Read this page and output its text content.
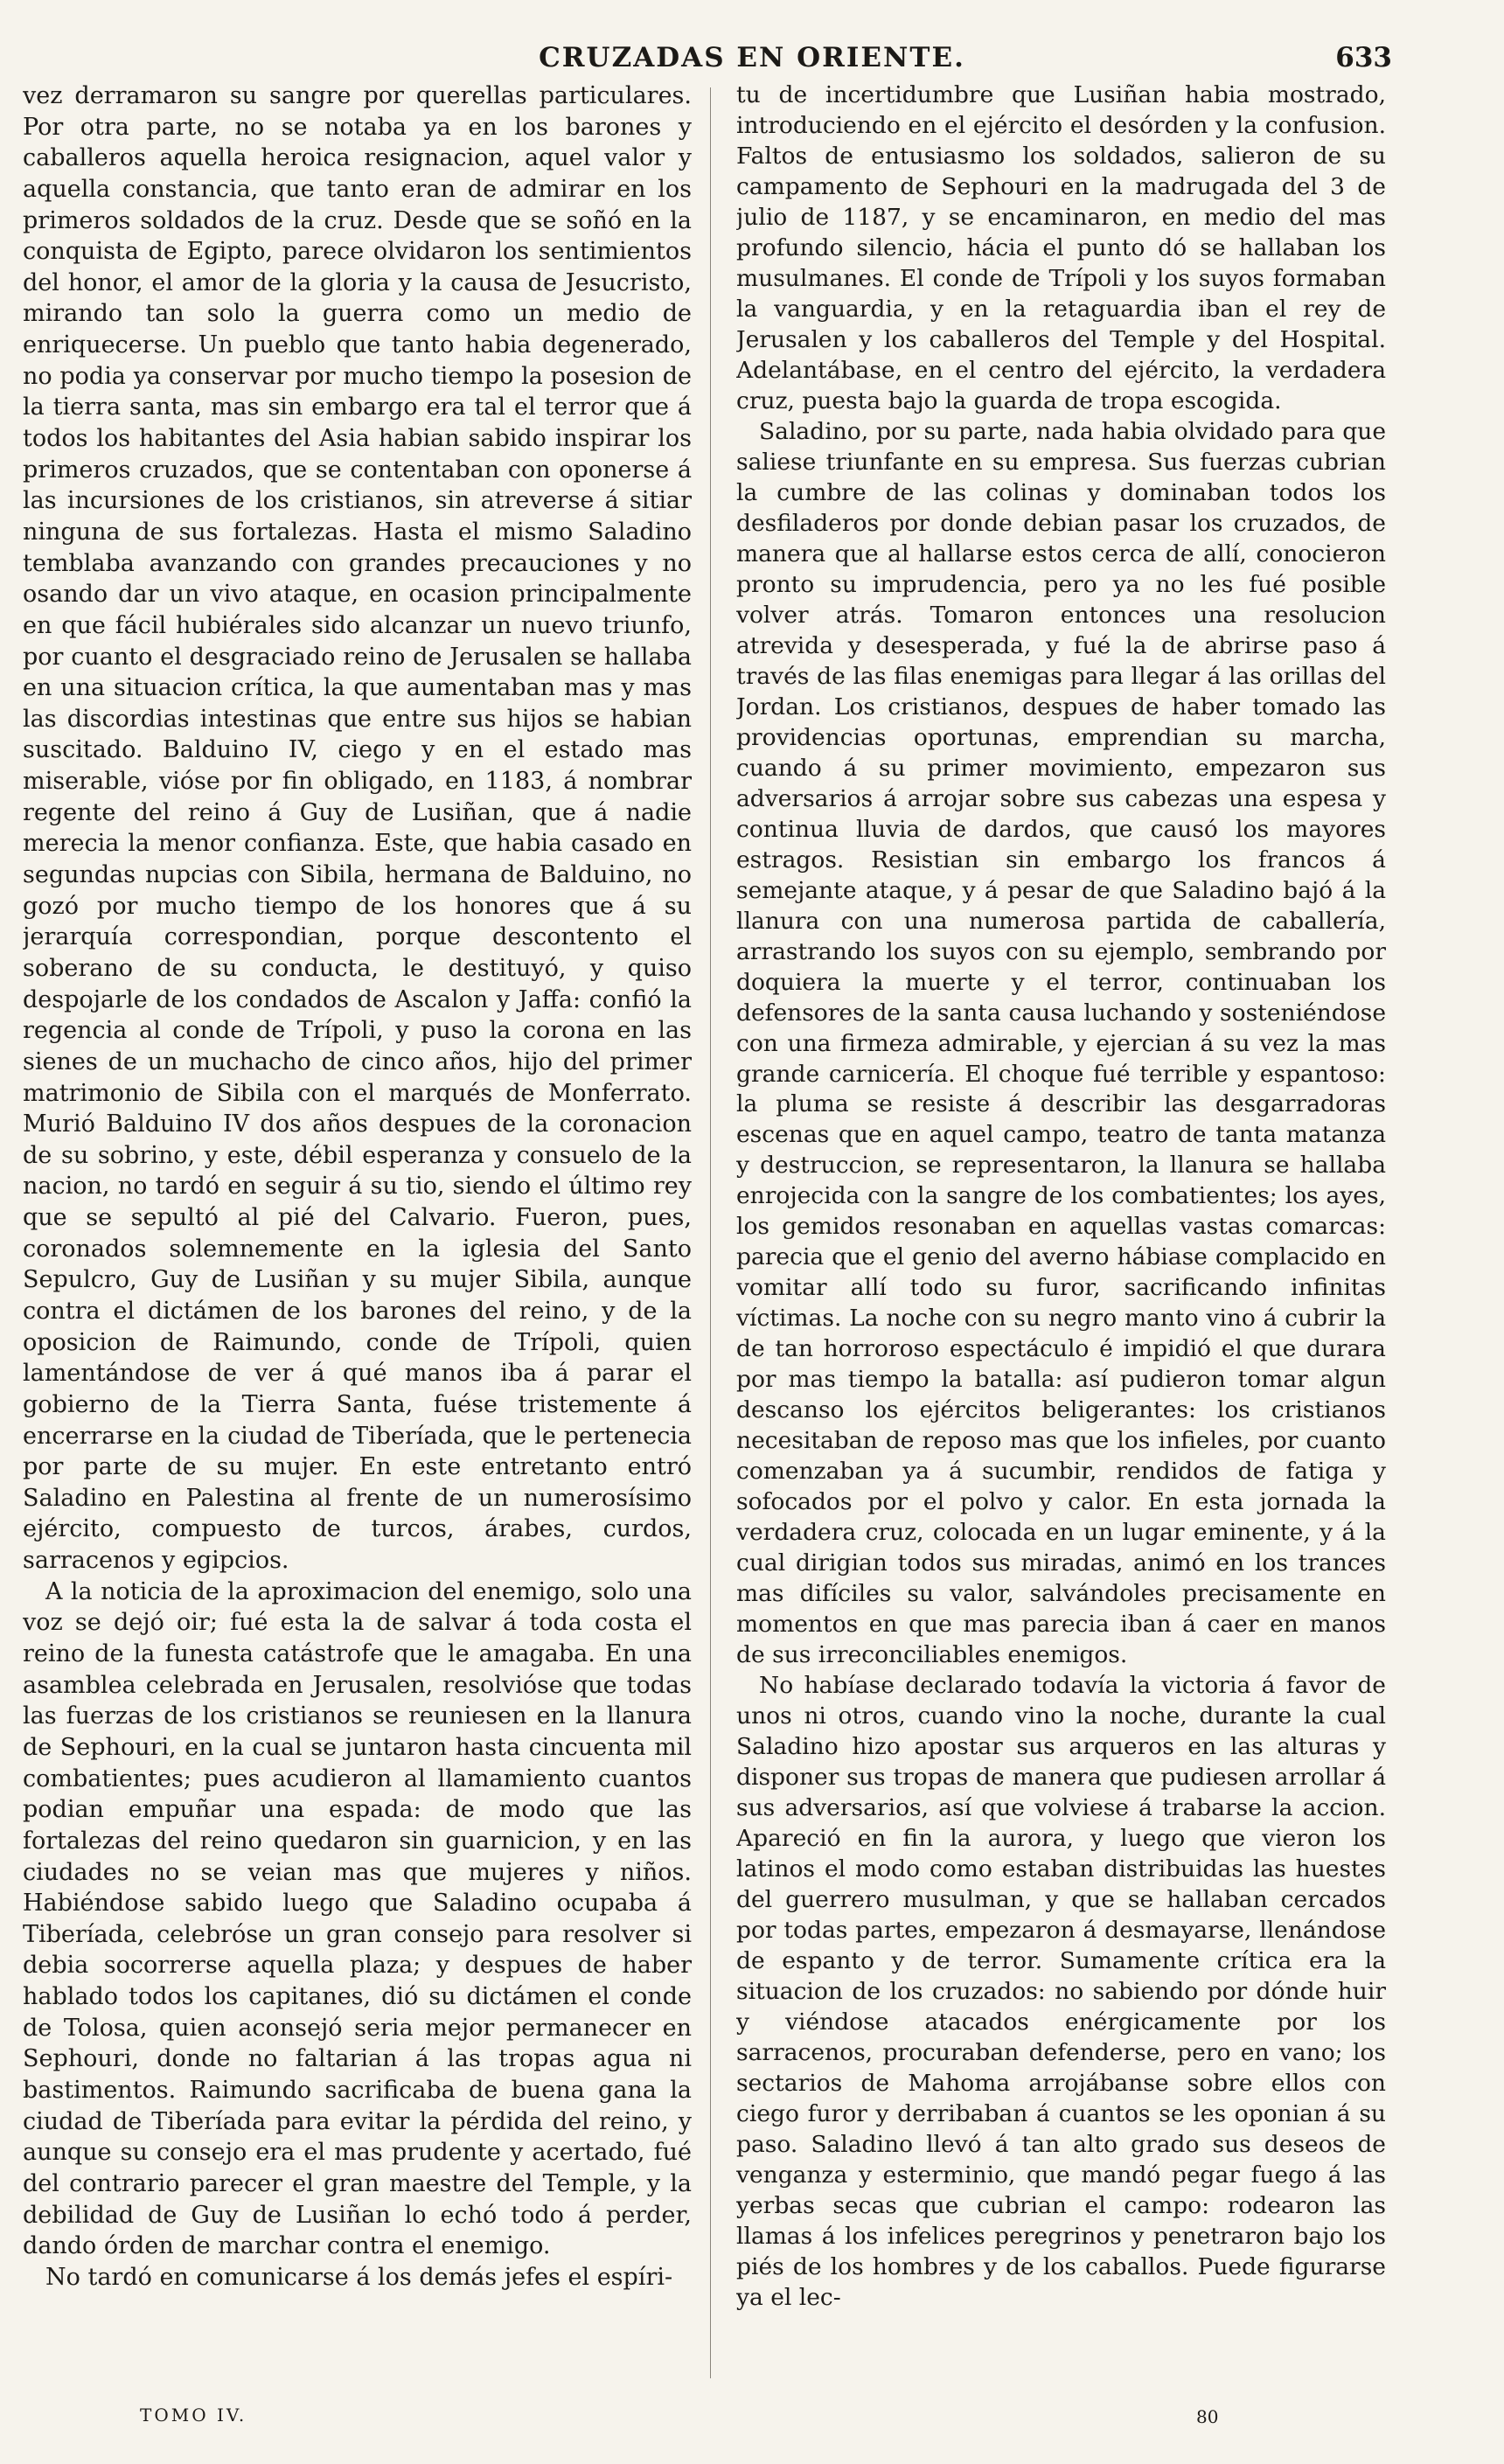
CRUZADAS EN ORIENTE.	633

vez derramaron su sangre por querellas particulares. Por otra parte, no se notaba ya en los barones y caballeros aquella heroica resignacion, aquel valor y aquella constancia, que tanto eran de admirar en los primeros soldados de la cruz. Desde que se soñó en la conquista de Egipto, parece olvidaron los sentimientos del honor, el amor de la gloria y la causa de Jesucristo, mirando tan solo la guerra como un medio de enriquecerse. Un pueblo que tanto habia degenerado, no podia ya conservar por mucho tiempo la posesion de la tierra santa, mas sin embargo era tal el terror que á todos los habitantes del Asia habian sabido inspirar los primeros cruzados, que se contentaban con oponerse á las incursiones de los cristianos, sin atreverse á sitiar ninguna de sus fortalezas. Hasta el mismo Saladino temblaba avanzando con grandes precauciones y no osando dar un vivo ataque, en ocasion principalmente en que fácil hubiérales sido alcanzar un nuevo triunfo, por cuanto el desgraciado reino de Jerusalen se hallaba en una situacion crítica, la que aumentaban mas y mas las discordias intestinas que entre sus hijos se habian suscitado. Balduino IV, ciego y en el estado mas miserable, vióse por fin obligado, en 1183, á nombrar regente del reino á Guy de Lusiñan, que á nadie merecia la menor confianza. Este, que habia casado en segundas nupcias con Sibila, hermana de Balduino, no gozó por mucho tiempo de los honores que á su jerarquía correspondian, porque descontento el soberano de su conducta, le destituyó, y quiso despojarle de los condados de Ascalon y Jaffa: confió la regencia al conde de Trípoli, y puso la corona en las sienes de un muchacho de cinco años, hijo del primer matrimonio de Sibila con el marqués de Monferrato. Murió Balduino IV dos años despues de la coronacion de su sobrino, y este, débil esperanza y consuelo de la nacion, no tardó en seguir á su tio, siendo el último rey que se sepultó al pié del Calvario. Fueron, pues, coronados solemnemente en la iglesia del Santo Sepulcro, Guy de Lusiñan y su mujer Sibila, aunque contra el dictámen de los barones del reino, y de la oposicion de Raimundo, conde de Trípoli, quien lamentándose de ver á qué manos iba á parar el gobierno de la Tierra Santa, fuése tristemente á encerrarse en la ciudad de Tiberíada, que le pertenecia por parte de su mujer. En este entretanto entró Saladino en Palestina al frente de un numerosísimo ejército, compuesto de turcos, árabes, curdos, sarracenos y egipcios.

A la noticia de la aproximacion del enemigo, solo una voz se dejó oir; fué esta la de salvar á toda costa el reino de la funesta catástrofe que le amagaba. En una asamblea celebrada en Jerusalen, resolvióse que todas las fuerzas de los cristianos se reuniesen en la llanura de Sephouri, en la cual se juntaron hasta cincuenta mil combatientes; pues acudieron al llamamiento cuantos podian empuñar una espada: de modo que las fortalezas del reino quedaron sin guarnicion, y en las ciudades no se veian mas que mujeres y niños. Habiéndose sabido luego que Saladino ocupaba á Tiberíada, celebróse un gran consejo para resolver si debia socorrerse aquella plaza; y despues de haber hablado todos los capitanes, dió su dictámen el conde de Tolosa, quien aconsejó seria mejor permanecer en Sephouri, donde no faltarian á las tropas agua ni bastimentos. Raimundo sacrificaba de buena gana la ciudad de Tiberíada para evitar la pérdida del reino, y aunque su consejo era el mas prudente y acertado, fué del contrario parecer el gran maestre del Temple, y la debilidad de Guy de Lusiñan lo echó todo á perder, dando órden de marchar contra el enemigo.

No tardó en comunicarse á los demás jefes el espíri-

tu de incertidumbre que Lusiñan habia mostrado, introduciendo en el ejército el desórden y la confusion. Faltos de entusiasmo los soldados, salieron de su campamento de Sephouri en la madrugada del 3 de julio de 1187, y se encaminaron, en medio del mas profundo silencio, hácia el punto dó se hallaban los musulmanes. El conde de Trípoli y los suyos formaban la vanguardia, y en la retaguardia iban el rey de Jerusalen y los caballeros del Temple y del Hospital. Adelantábase, en el centro del ejército, la verdadera cruz, puesta bajo la guarda de tropa escogida.

Saladino, por su parte, nada habia olvidado para que saliese triunfante en su empresa. Sus fuerzas cubrian la cumbre de las colinas y dominaban todos los desfiladeros por donde debian pasar los cruzados, de manera que al hallarse estos cerca de allí, conocieron pronto su imprudencia, pero ya no les fué posible volver atrás. Tomaron entonces una resolucion atrevida y desesperada, y fué la de abrirse paso á través de las filas enemigas para llegar á las orillas del Jordan. Los cristianos, despues de haber tomado las providencias oportunas, emprendian su marcha, cuando á su primer movimiento, empezaron sus adversarios á arrojar sobre sus cabezas una espesa y continua lluvia de dardos, que causó los mayores estragos. Resistian sin embargo los francos á semejante ataque, y á pesar de que Saladino bajó á la llanura con una numerosa partida de caballería, arrastrando los suyos con su ejemplo, sembrando por doquiera la muerte y el terror, continuaban los defensores de la santa causa luchando y sosteniéndose con una firmeza admirable, y ejercian á su vez la mas grande carnicería. El choque fué terrible y espantoso: la pluma se resiste á describir las desgarradoras escenas que en aquel campo, teatro de tanta matanza y destruccion, se representaron, la llanura se hallaba enrojecida con la sangre de los combatientes; los ayes, los gemidos resonaban en aquellas vastas comarcas: parecia que el genio del averno hábiase complacido en vomitar allí todo su furor, sacrificando infinitas víctimas. La noche con su negro manto vino á cubrir la de tan horroroso espectáculo é impidió el que durara por mas tiempo la batalla: así pudieron tomar algun descanso los ejércitos beligerantes: los cristianos necesitaban de reposo mas que los infieles, por cuanto comenzaban ya á sucumbir, rendidos de fatiga y sofocados por el polvo y calor. En esta jornada la verdadera cruz, colocada en un lugar eminente, y á la cual dirigian todos sus miradas, animó en los trances mas difíciles su valor, salvándoles precisamente en momentos en que mas parecia iban á caer en manos de sus irreconciliables enemigos.

No habíase declarado todavía la victoria á favor de unos ni otros, cuando vino la noche, durante la cual Saladino hizo apostar sus arqueros en las alturas y disponer sus tropas de manera que pudiesen arrollar á sus adversarios, así que volviese á trabarse la accion. Apareció en fin la aurora, y luego que vieron los latinos el modo como estaban distribuidas las huestes del guerrero musulman, y que se hallaban cercados por todas partes, empezaron á desmayarse, llenándose de espanto y de terror. Sumamente crítica era la situacion de los cruzados: no sabiendo por dónde huir y viéndose atacados enérgicamente por los sarracenos, procuraban defenderse, pero en vano; los sectarios de Mahoma arrojábanse sobre ellos con ciego furor y derribaban á cuantos se les oponian á su paso. Saladino llevó á tan alto grado sus deseos de venganza y esterminio, que mandó pegar fuego á las yerbas secas que cubrian el campo: rodearon las llamas á los infelices peregrinos y penetraron bajo los piés de los hombres y de los caballos. Puede figurarse ya el lec-

TOMO IV.	80
